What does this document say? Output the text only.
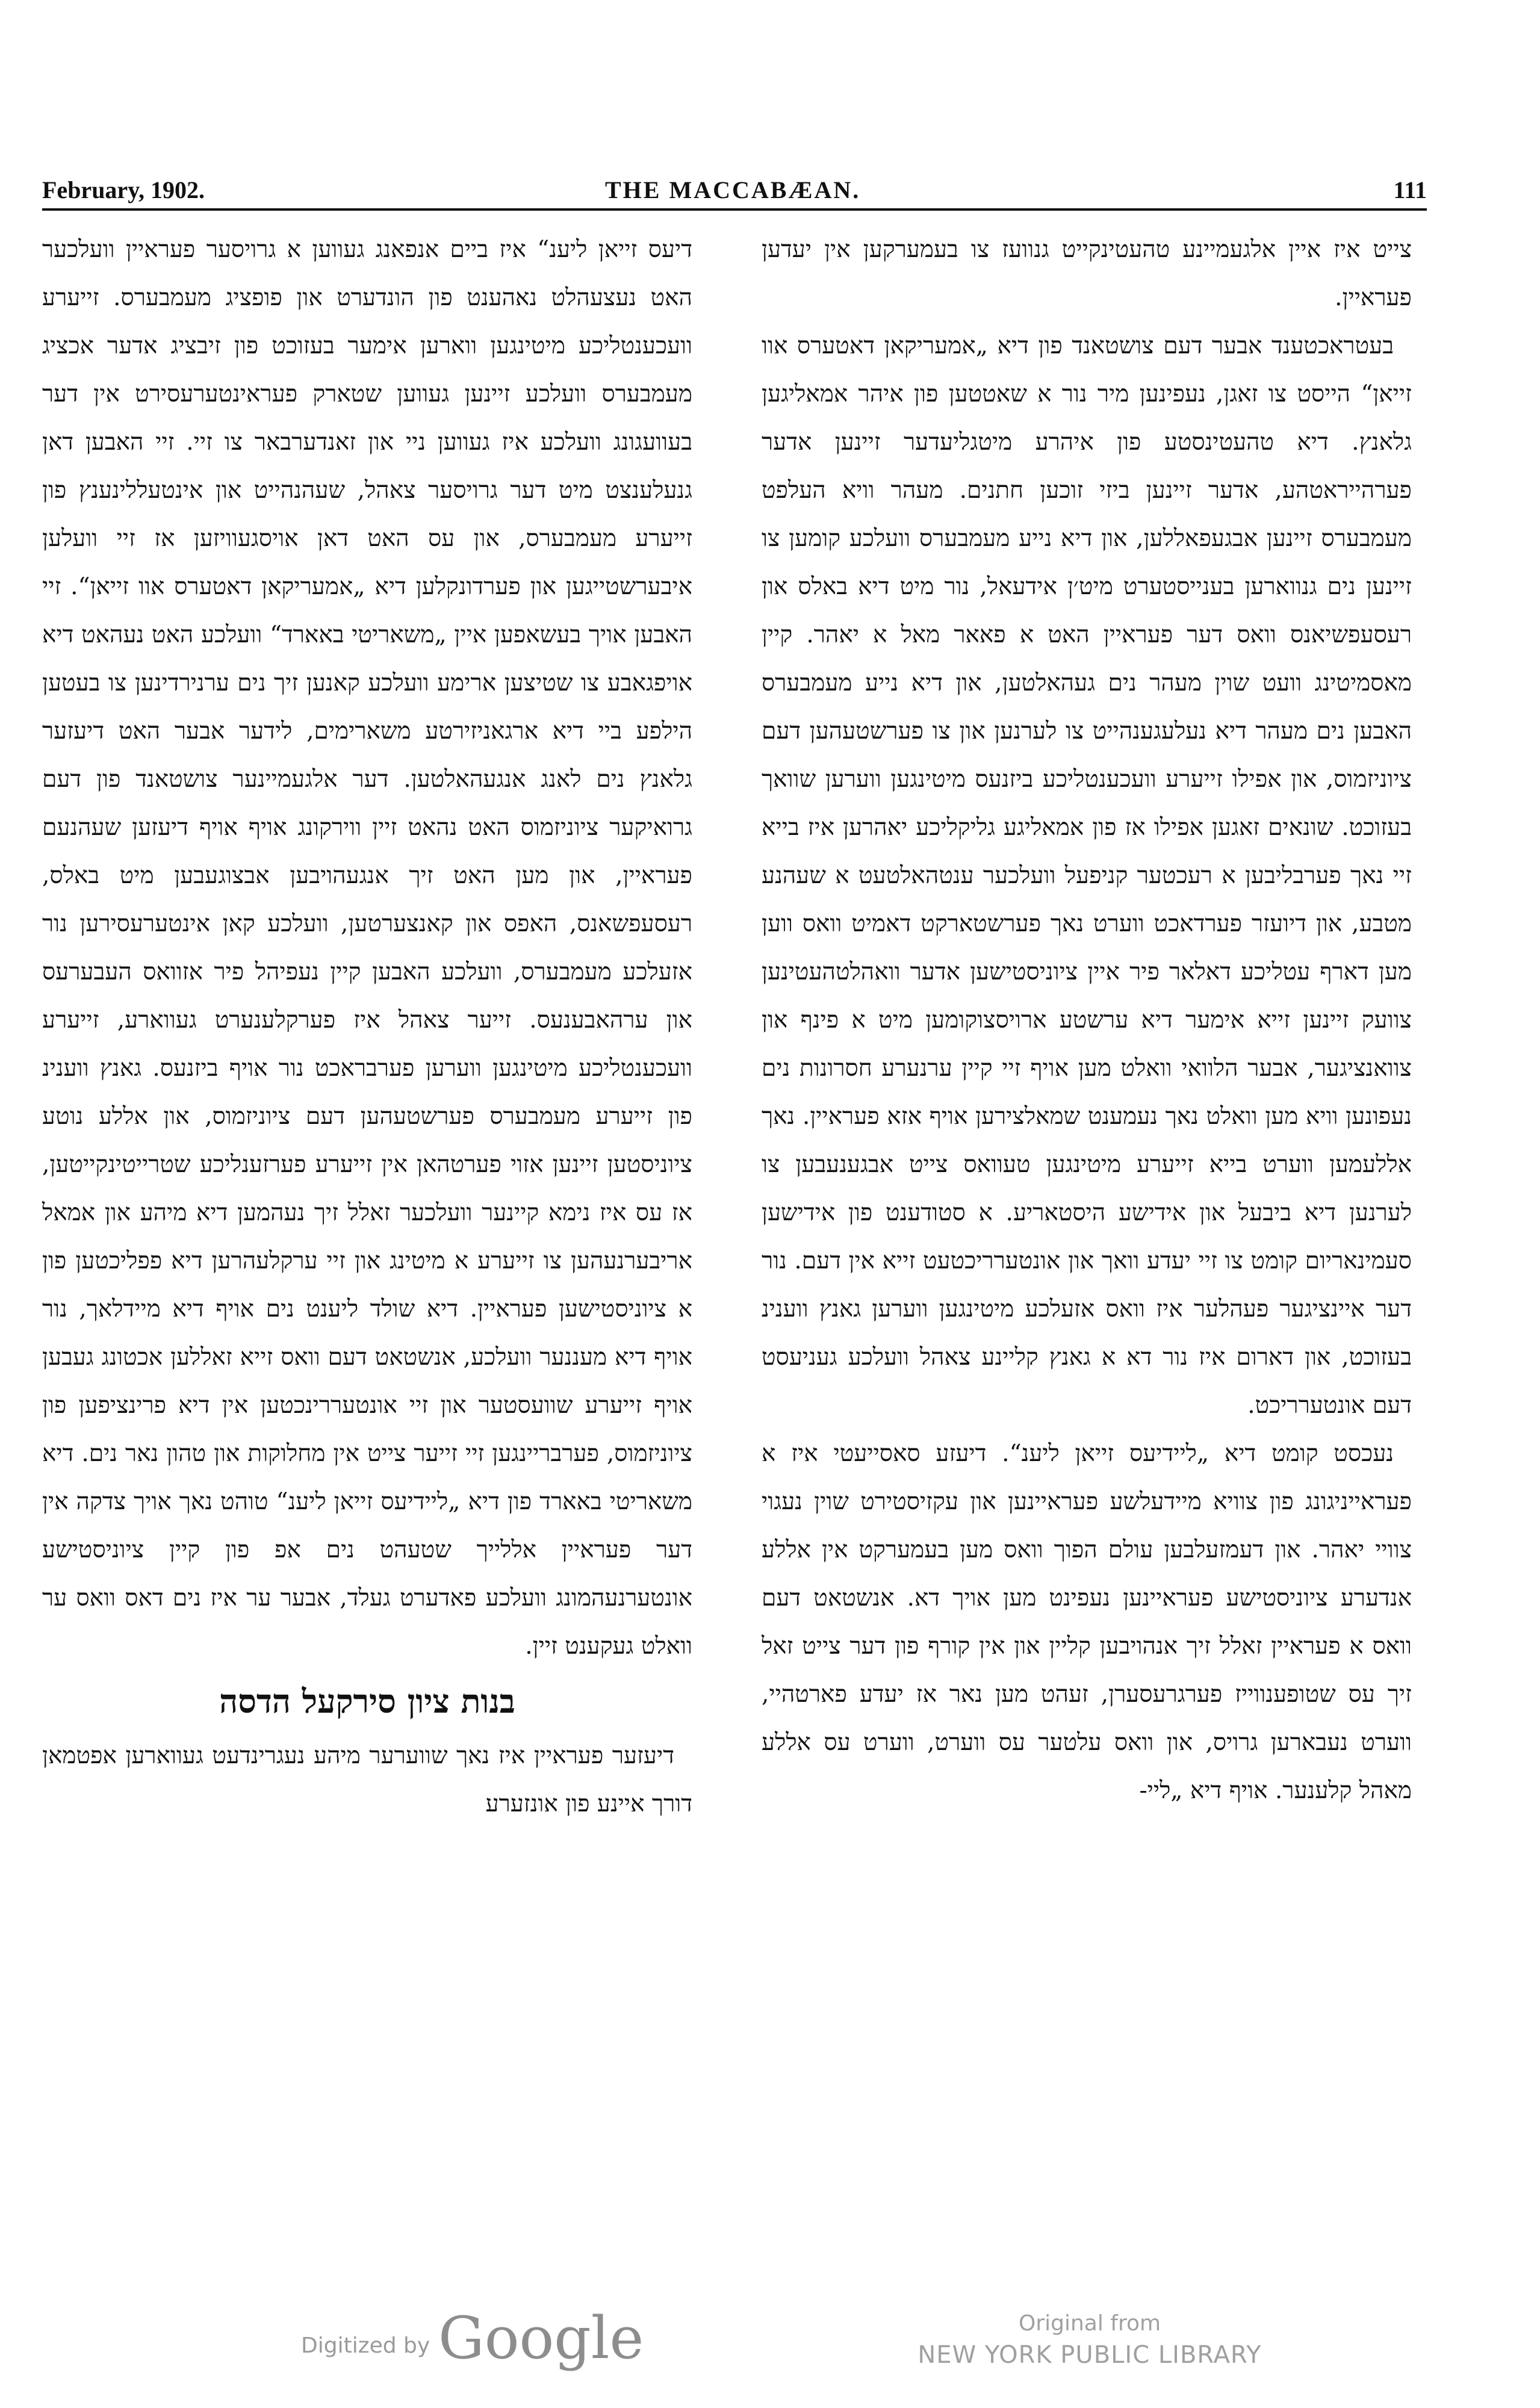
February, 1902.	THE MACCABÆAN.	111

צייט איז איין אלגעמיינע טהעטינקייט גנוועז צו בעמערקען אין יעדען פעראיין.

בעטראכטענד אבער דעם צושטאנד פון דיא „אמעריקאן דאטערס אוו זייאן“ הייסט צו זאגן, נעפינען מיר נור א שאטטען פון איהר אמאליגען גלאנץ. דיא טהעטינסטע פון איהרע מיטגליעדער זיינען אדער פערהייראטהע, אדער זיינען ביזי זוכען חתנים. מעהר וויא העלפט מעמבערס זיינען אבגעפאללען, און דיא נייע מעמבערס וועלכע קומען צו זיינען נים גנווארען בענייסטערט מיט׳ן אידעאל, נור מיט דיא באלס און רעסעפשיאנס וואס דער פעראיין האט א פאאר מאל א יאהר. קיין מאסמיטינג וועט שוין מעהר נים געהאלטען, און דיא נייע מעמבערס האבען נים מעהר דיא נעלעגענהייט צו לערנען און צו פערשטעהען דעם ציוניזמוס, און אפילו זייערע וועכענטליכע ביזנעס מיטינגען ווערען שוואך בעזוכט. שונאים זאגען אפילו אז פון אמאליגע גליקליכע יאהרען איז בייא זיי נאך פערבליבען א רעכטער קניפעל וועלכער ענטהאלטעט א שעהנע מטבע, און דיועזר פערדאכט ווערט נאך פערשטארקט דאמיט וואס ווען מען דארף עטליכע דאלאר פיר איין ציוניסטישען אדער וואהלטהעטינען צוועק זיינען זייא אימער דיא ערשטע ארויסצוקומען מיט א פינף און צוואנציגער, אבער הלוואי וואלט מען אויף זיי קיין ערנערע חסרונות נים נעפונען וויא מען וואלט נאך נעמענט שמאלצירען אויף אזא פעראיין. נאך אללעמען ווערט בייא זייערע מיטינגען טעוואס צייט אבגענעבען צו לערנען דיא ביבעל און אידישע היסטאריע. א סטודענט פון אידישען סעמינאריום קומט צו זיי יעדע וואך און אונטערריכטעט זייא אין דעם. נור דער איינציגער פעהלער איז וואס אזעלכע מיטינגען ווערען גאנץ ווענינ בעזוכט, און דארום איז נור דא א גאנץ קליינע צאהל וועלכע געניעסט דעם אונטערריכט.

נעכסט קומט דיא „ליידיעס זייאן ליענ“. דיעזע סאסייעטי איז א פעראייניגונג פון צוויא מיידעלשע פעראיינען און עקזיסטירט שוין נעגוי צוויי יאהר. און דעמזעלבען עולם הפוך וואס מען בעמערקט אין אללע אנדערע ציוניסטישע פעראיינען נעפינט מען אויך דא. אנשטאט דעם וואס א פעראיין זאלל זיך אנהויבען קליין און אין קורף פון דער צייט זאל זיך עס שטופענווייז פערגרעסערן, זעהט מען נאר אז יעדע פארטהיי, ווערט נעבארען גרויס, און וואס עלטער עס ווערט, ווערט עס אללע מאהל קלענער. אויף דיא „ליי-

דיעס זייאן ליענ“ איז ביים אנפאנג געווען א גרויסער פעראיין וועלכער האט נעצעהלט נאהענט פון הונדערט און פופציג מעמבערס. זייערע וועכענטליכע מיטינגען ווארען אימער בעזוכט פון זיבציג אדער אכציג מעמבערס וועלכע זיינען געווען שטארק פעראינטערעסירט אין דער בעוועגונג וועלכע איז געווען ניי און זאנדערבאר צו זיי. זיי האבען דאן גנעלענצט מיט דער גרויסער צאהל, שעהנהייט און אינטעללינענץ פון זייערע מעמבערס, און עס האט דאן אויסגעוויזען אז זיי וועלען איבערשטייגען און פערדונקלען דיא „אמעריקאן דאטערס אוו זייאן“. זיי האבען אויך בעשאפען איין „משאריטי באארד“ וועלכע האט נעהאט דיא אויפגאבע צו שטיצען ארימע וועלכע קאנען זיך נים ערנירדינען צו בעטען הילפע ביי דיא ארגאניזירטע משארימים, לידער אבער האט דיעזער גלאנץ נים לאנג אנגעהאלטען. דער אלגעמיינער צושטאנד פון דעם גרואיקער ציוניזמוס האט נהאט זיין ווירקונג אויף אויף דיעזען שעהנעם פעראיין, און מען האט זיך אנגעהויבען אבצוגעבען מיט באלס, רעסעפשאנס, האפס און קאנצערטען, וועלכע קאן אינטערעסירען נור אזעלכע מעמבערס, וועלכע האבען קיין נעפיהל פיר אזוואס העבערעס און ערהאבענעס. זייער צאהל איז פערקלענערט געווארע, זייערע וועכענטליכע מיטינגען ווערען פערבראכט נור אויף ביזנעס. גאנץ ווענינ פון זייערע מעמבערס פערשטעהען דעם ציוניזמוס, און אללע נוטע ציוניסטען זיינען אזוי פערטהאן אין זייערע פערזענליכע שטרייטינקייטען, אז עס איז נימא קיינער וועלכער זאלל זיך נעהמען דיא מיהע און אמאל אריבערנעהען צו זייערע א מיטינג און זיי ערקלעהרען דיא פפליכטען פון א ציוניסטישען פעראיין. דיא שולד ליענט נים אויף דיא מיידלאך, נור אויף דיא מעננער וועלכע, אנשטאט דעם וואס זייא זאללען אכטונג געבען אויף זייערע שוועסטער און זיי אונטעררינכטען אין דיא פרינציפען פון ציוניזמוס, פערבריינגען זיי זייער צייט אין מחלוקות און טהון נאר נים. דיא משאריטי באארד פון דיא „ליידיעס זייאן ליענ“ טוהט נאך אויך צדקה אין דער פעראיין אללייך שטעהט נים אפ פון קיין ציוניסטישע אונטערנעהמונג וועלכע פאדערט געלד, אבער ער איז נים דאס וואס ער וואלט געקענט זיין.

בנות ציון סירקעל הדסה

דיעזער פעראיין איז נאך שווערער מיהע נעגרינדעט געווארען אפטמאן דורך איינע פון אונזערע

Digitized by Google	Original from
NEW YORK PUBLIC LIBRARY
